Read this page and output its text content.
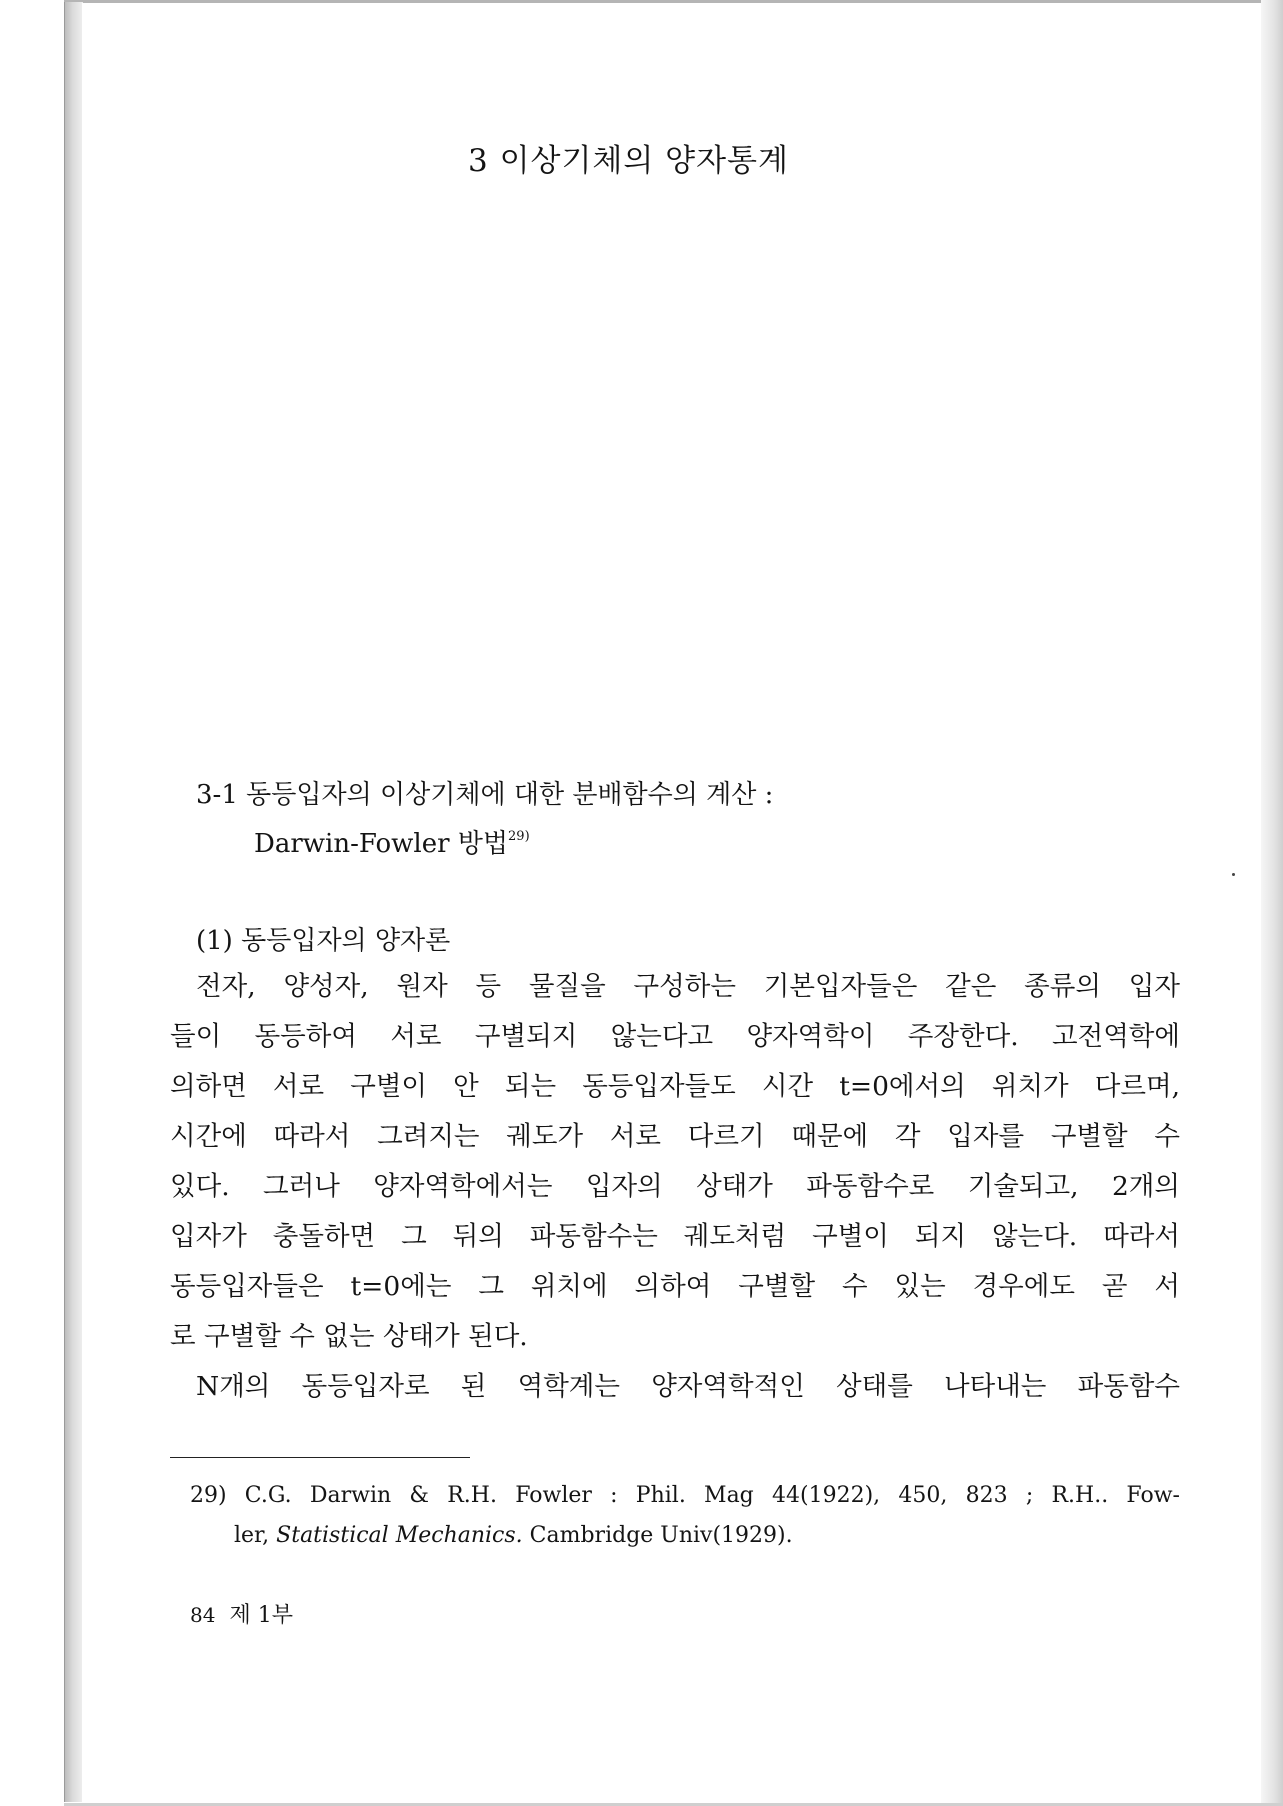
3 이상기체의 양자통계
3-1 동등입자의 이상기체에 대한 분배함수의 계산 :
Darwin-Fowler 방법$^{29)}$
(1) 동등입자의 양자론
전자, 양성자, 원자 등 물질을 구성하는 기본입자들은 같은 종류의 입자
들이 동등하여 서로 구별되지 않는다고 양자역학이 주장한다. 고전역학에
의하면 서로 구별이 안 되는 동등입자들도 시간 t=0에서의 위치가 다르며,
시간에 따라서 그려지는 궤도가 서로 다르기 때문에 각 입자를 구별할 수
있다. 그러나 양자역학에서는 입자의 상태가 파동함수로 기술되고, 2개의
입자가 충돌하면 그 뒤의 파동함수는 궤도처럼 구별이 되지 않는다. 따라서
동등입자들은 t=0에는 그 위치에 의하여 구별할 수 있는 경우에도 곧 서
로 구별할 수 없는 상태가 된다.
N개의 동등입자로 된 역학계는 양자역학적인 상태를 나타내는 파동함수
29) C.G. Darwin & R.H. Fowler : Phil. Mag 44(1922), 450, 823 ; R.H.. Fow-
ler, Statistical Mechanics. Cambridge Univ(1929).
84 제 1부
